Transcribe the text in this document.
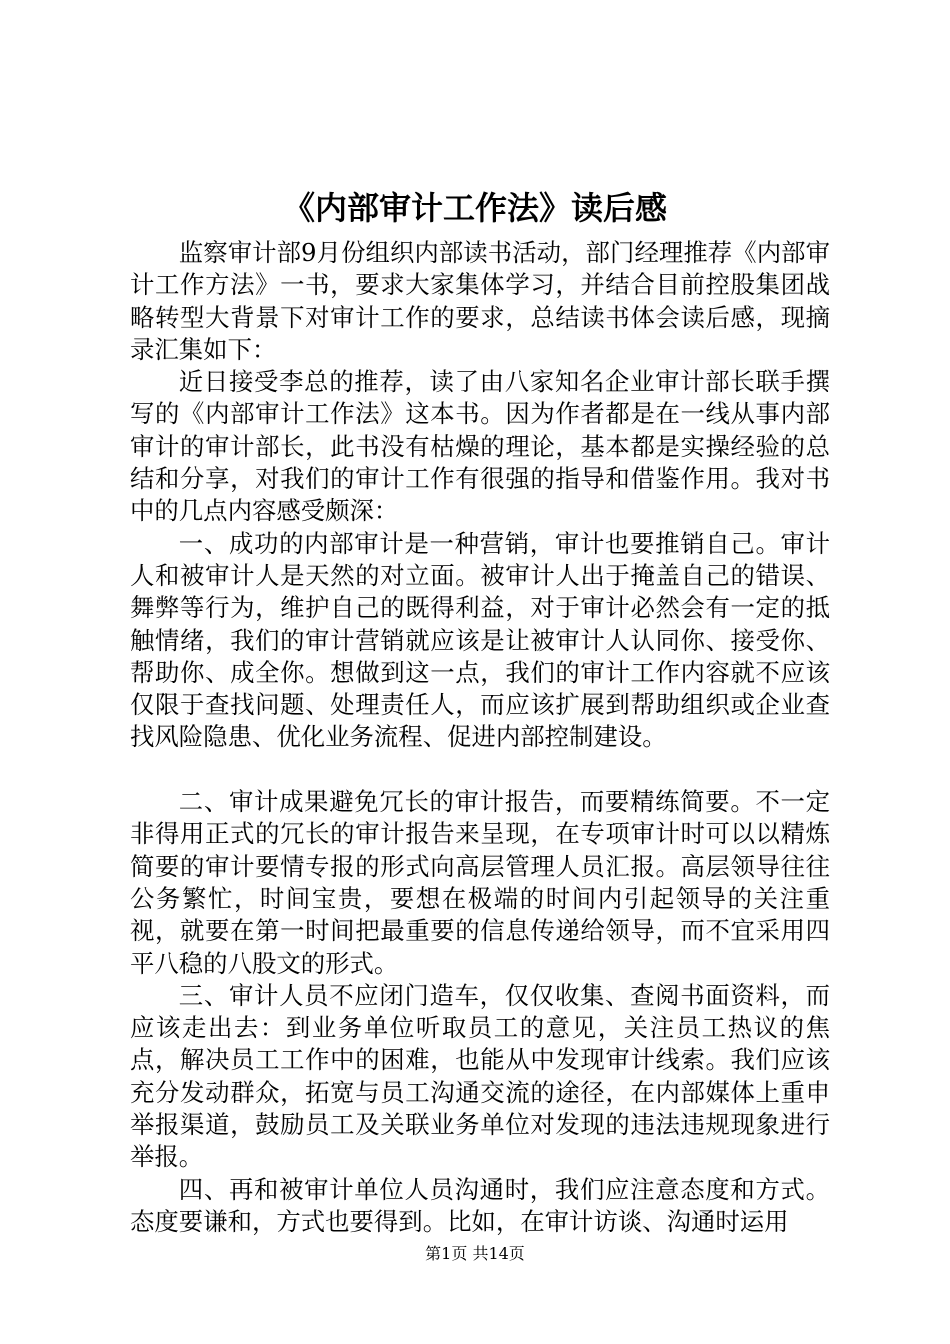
《内部审计工作法》读后感

监察审计部9月份组织内部读书活动，部门经理推荐《内部审计工作方法》一书，要求大家集体学习，并结合目前控股集团战略转型大背景下对审计工作的要求，总结读书体会读后感，现摘录汇集如下：

近日接受李总的推荐，读了由八家知名企业审计部长联手撰写的《内部审计工作法》这本书。因为作者都是在一线从事内部审计的审计部长，此书没有枯燥的理论，基本都是实操经验的总结和分享，对我们的审计工作有很强的指导和借鉴作用。我对书中的几点内容感受颇深：

一、成功的内部审计是一种营销，审计也要推销自己。审计人和被审计人是天然的对立面。被审计人出于掩盖自己的错误、舞弊等行为，维护自己的既得利益，对于审计必然会有一定的抵触情绪，我们的审计营销就应该是让被审计人认同你、接受你、帮助你、成全你。想做到这一点，我们的审计工作内容就不应该仅限于查找问题、处理责任人，而应该扩展到帮助组织或企业查找风险隐患、优化业务流程、促进内部控制建设。

二、审计成果避免冗长的审计报告，而要精练简要。不一定非得用正式的冗长的审计报告来呈现，在专项审计时可以以精炼简要的审计要情专报的形式向高层管理人员汇报。高层领导往往公务繁忙，时间宝贵，要想在极端的时间内引起领导的关注重视，就要在第一时间把最重要的信息传递给领导，而不宜采用四平八稳的八股文的形式。

三、审计人员不应闭门造车，仅仅收集、查阅书面资料，而应该走出去：到业务单位听取员工的意见，关注员工热议的焦点，解决员工工作中的困难，也能从中发现审计线索。我们应该充分发动群众，拓宽与员工沟通交流的途径，在内部媒体上重申举报渠道，鼓励员工及关联业务单位对发现的违法违规现象进行举报。

四、再和被审计单位人员沟通时，我们应注意态度和方式。态度要谦和，方式也要得到。比如，在审计访谈、沟通时运用

第1页 共14页
